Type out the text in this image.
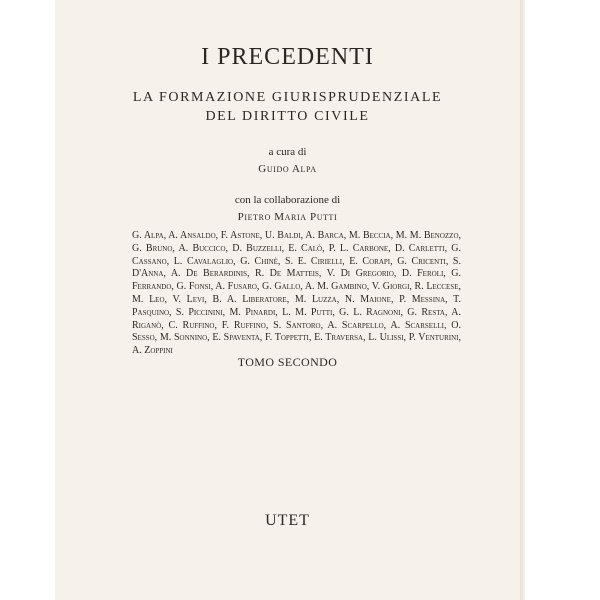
I PRECEDENTI
LA FORMAZIONE GIURISPRUDENZIALE
DEL DIRITTO CIVILE
a cura di
Guido Alpa
con la collaborazione di
Pietro Maria Putti
G. Alpa, A. Ansaldo, F. Astone, U. Baldi, A. Barca, M. Beccia, M. M. Benozzo, G. Bruno, A. Buccico, D. Buzzelli, E. Calò, P. L. Carbone, D. Carletti, G. Cassano, L. Cavalaglio, G. Chinè, S. E. Cirielli, E. Corapi, G. Cricenti, S. D'Anna, A. De Berardinis, R. De Matteis, V. Di Gregorio, D. Feroli, G. Ferrando, G. Fonsi, A. Fusaro, G. Gallo, A. M. Gambino, V. Giorgi, R. Leccese, M. Leo, V. Levi, B. A. Liberatore, M. Luzza, N. Maione, P. Messina, T. Pasquino, S. Piccinini, M. Pinardi, L. M. Putti, G. L. Ragnoni, G. Resta, A. Riganò, C. Ruffino, F. Ruffino, S. Santoro, A. Scarpello, A. Scarselli, O. Sesso, M. Sonnino, E. Spaventa, F. Toppetti, E. Traversa, L. Ulissi, P. Venturini, A. Zoppini
TOMO SECONDO
UTET
